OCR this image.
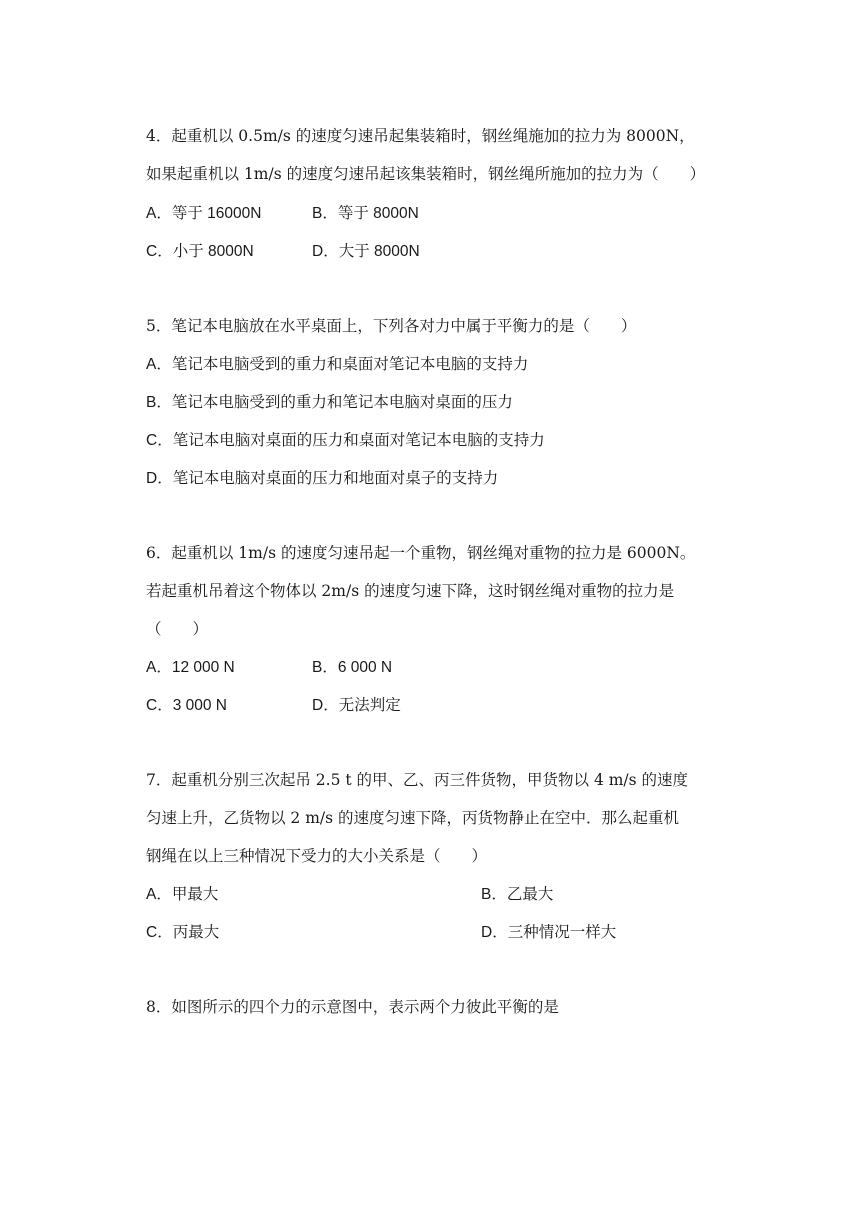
4．起重机以 0.5m/s 的速度匀速吊起集装箱时，钢丝绳施加的拉力为 8000N，
如果起重机以 1m/s 的速度匀速吊起该集装箱时，钢丝绳所施加的拉力为（　　）
A．等于 16000N	B．等于 8000N
C．小于 8000N	D．大于 8000N
5．笔记本电脑放在水平桌面上，下列各对力中属于平衡力的是（　　）
A．笔记本电脑受到的重力和桌面对笔记本电脑的支持力
B．笔记本电脑受到的重力和笔记本电脑对桌面的压力
C．笔记本电脑对桌面的压力和桌面对笔记本电脑的支持力
D．笔记本电脑对桌面的压力和地面对桌子的支持力
6．起重机以 1m/s 的速度匀速吊起一个重物，钢丝绳对重物的拉力是 6000N。
若起重机吊着这个物体以 2m/s 的速度匀速下降，这时钢丝绳对重物的拉力是
（　　）
A．12 000 N	B．6 000 N
C．3 000 N	D．无法判定
7．起重机分别三次起吊 2.5 t 的甲、乙、丙三件货物，甲货物以 4 m/s 的速度
匀速上升，乙货物以 2 m/s 的速度匀速下降，丙货物静止在空中．那么起重机
钢绳在以上三种情况下受力的大小关系是（　　）
A．甲最大	B．乙最大
C．丙最大	D．三种情况一样大
8．如图所示的四个力的示意图中，表示两个力彼此平衡的是
